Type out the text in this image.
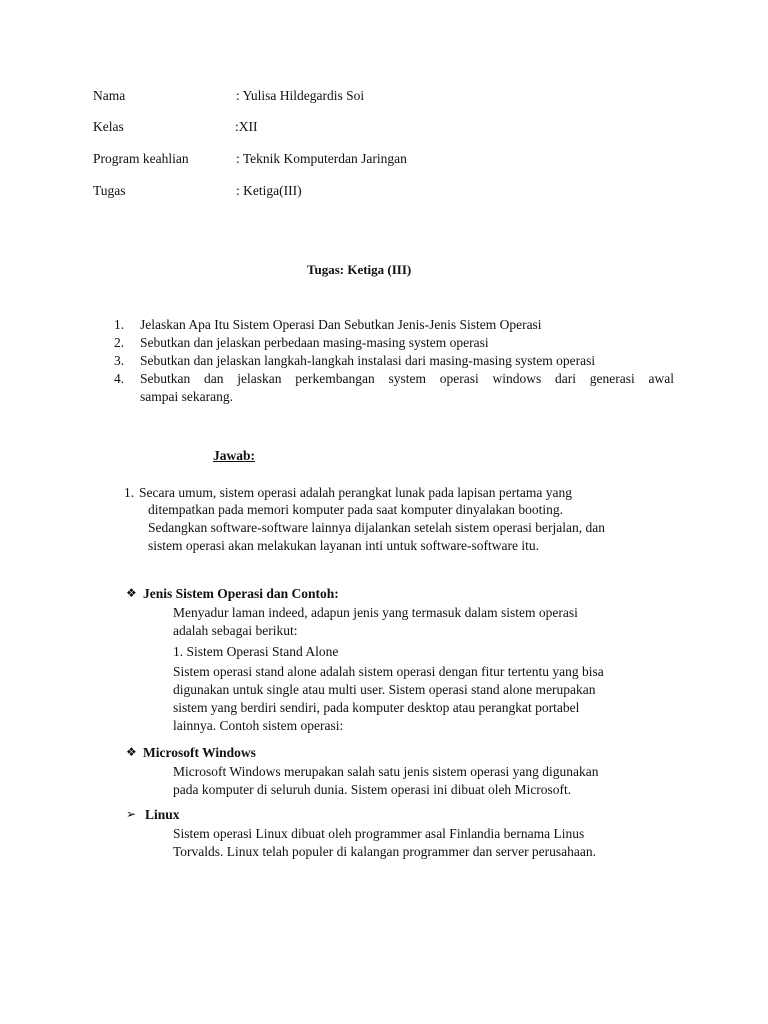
Nama	: Yulisa Hildegardis Soi
Kelas	:XII
Program keahlian	: Teknik Komputerdan Jaringan
Tugas	: Ketiga(III)
Tugas: Ketiga (III)
1. Jelaskan Apa Itu Sistem Operasi Dan Sebutkan Jenis-Jenis Sistem Operasi
2. Sebutkan dan jelaskan perbedaan masing-masing system operasi
3. Sebutkan dan jelaskan langkah-langkah instalasi dari masing-masing system operasi
4. Sebutkan dan jelaskan perkembangan system operasi windows dari generasi awal
sampai sekarang.
Jawab:
1. Secara umum, sistem operasi adalah perangkat lunak pada lapisan pertama yang
ditempatkan pada memori komputer pada saat komputer dinyalakan booting.
Sedangkan software-software lainnya dijalankan setelah sistem operasi berjalan, dan
sistem operasi akan melakukan layanan inti untuk software-software itu.
❖ Jenis Sistem Operasi dan Contoh:
Menyadur laman indeed, adapun jenis yang termasuk dalam sistem operasi
adalah sebagai berikut:
1. Sistem Operasi Stand Alone
Sistem operasi stand alone adalah sistem operasi dengan fitur tertentu yang bisa
digunakan untuk single atau multi user. Sistem operasi stand alone merupakan
sistem yang berdiri sendiri, pada komputer desktop atau perangkat portabel
lainnya. Contoh sistem operasi:
❖ Microsoft Windows
Microsoft Windows merupakan salah satu jenis sistem operasi yang digunakan
pada komputer di seluruh dunia. Sistem operasi ini dibuat oleh Microsoft.
➢ Linux
Sistem operasi Linux dibuat oleh programmer asal Finlandia bernama Linus
Torvalds. Linux telah populer di kalangan programmer dan server perusahaan.
